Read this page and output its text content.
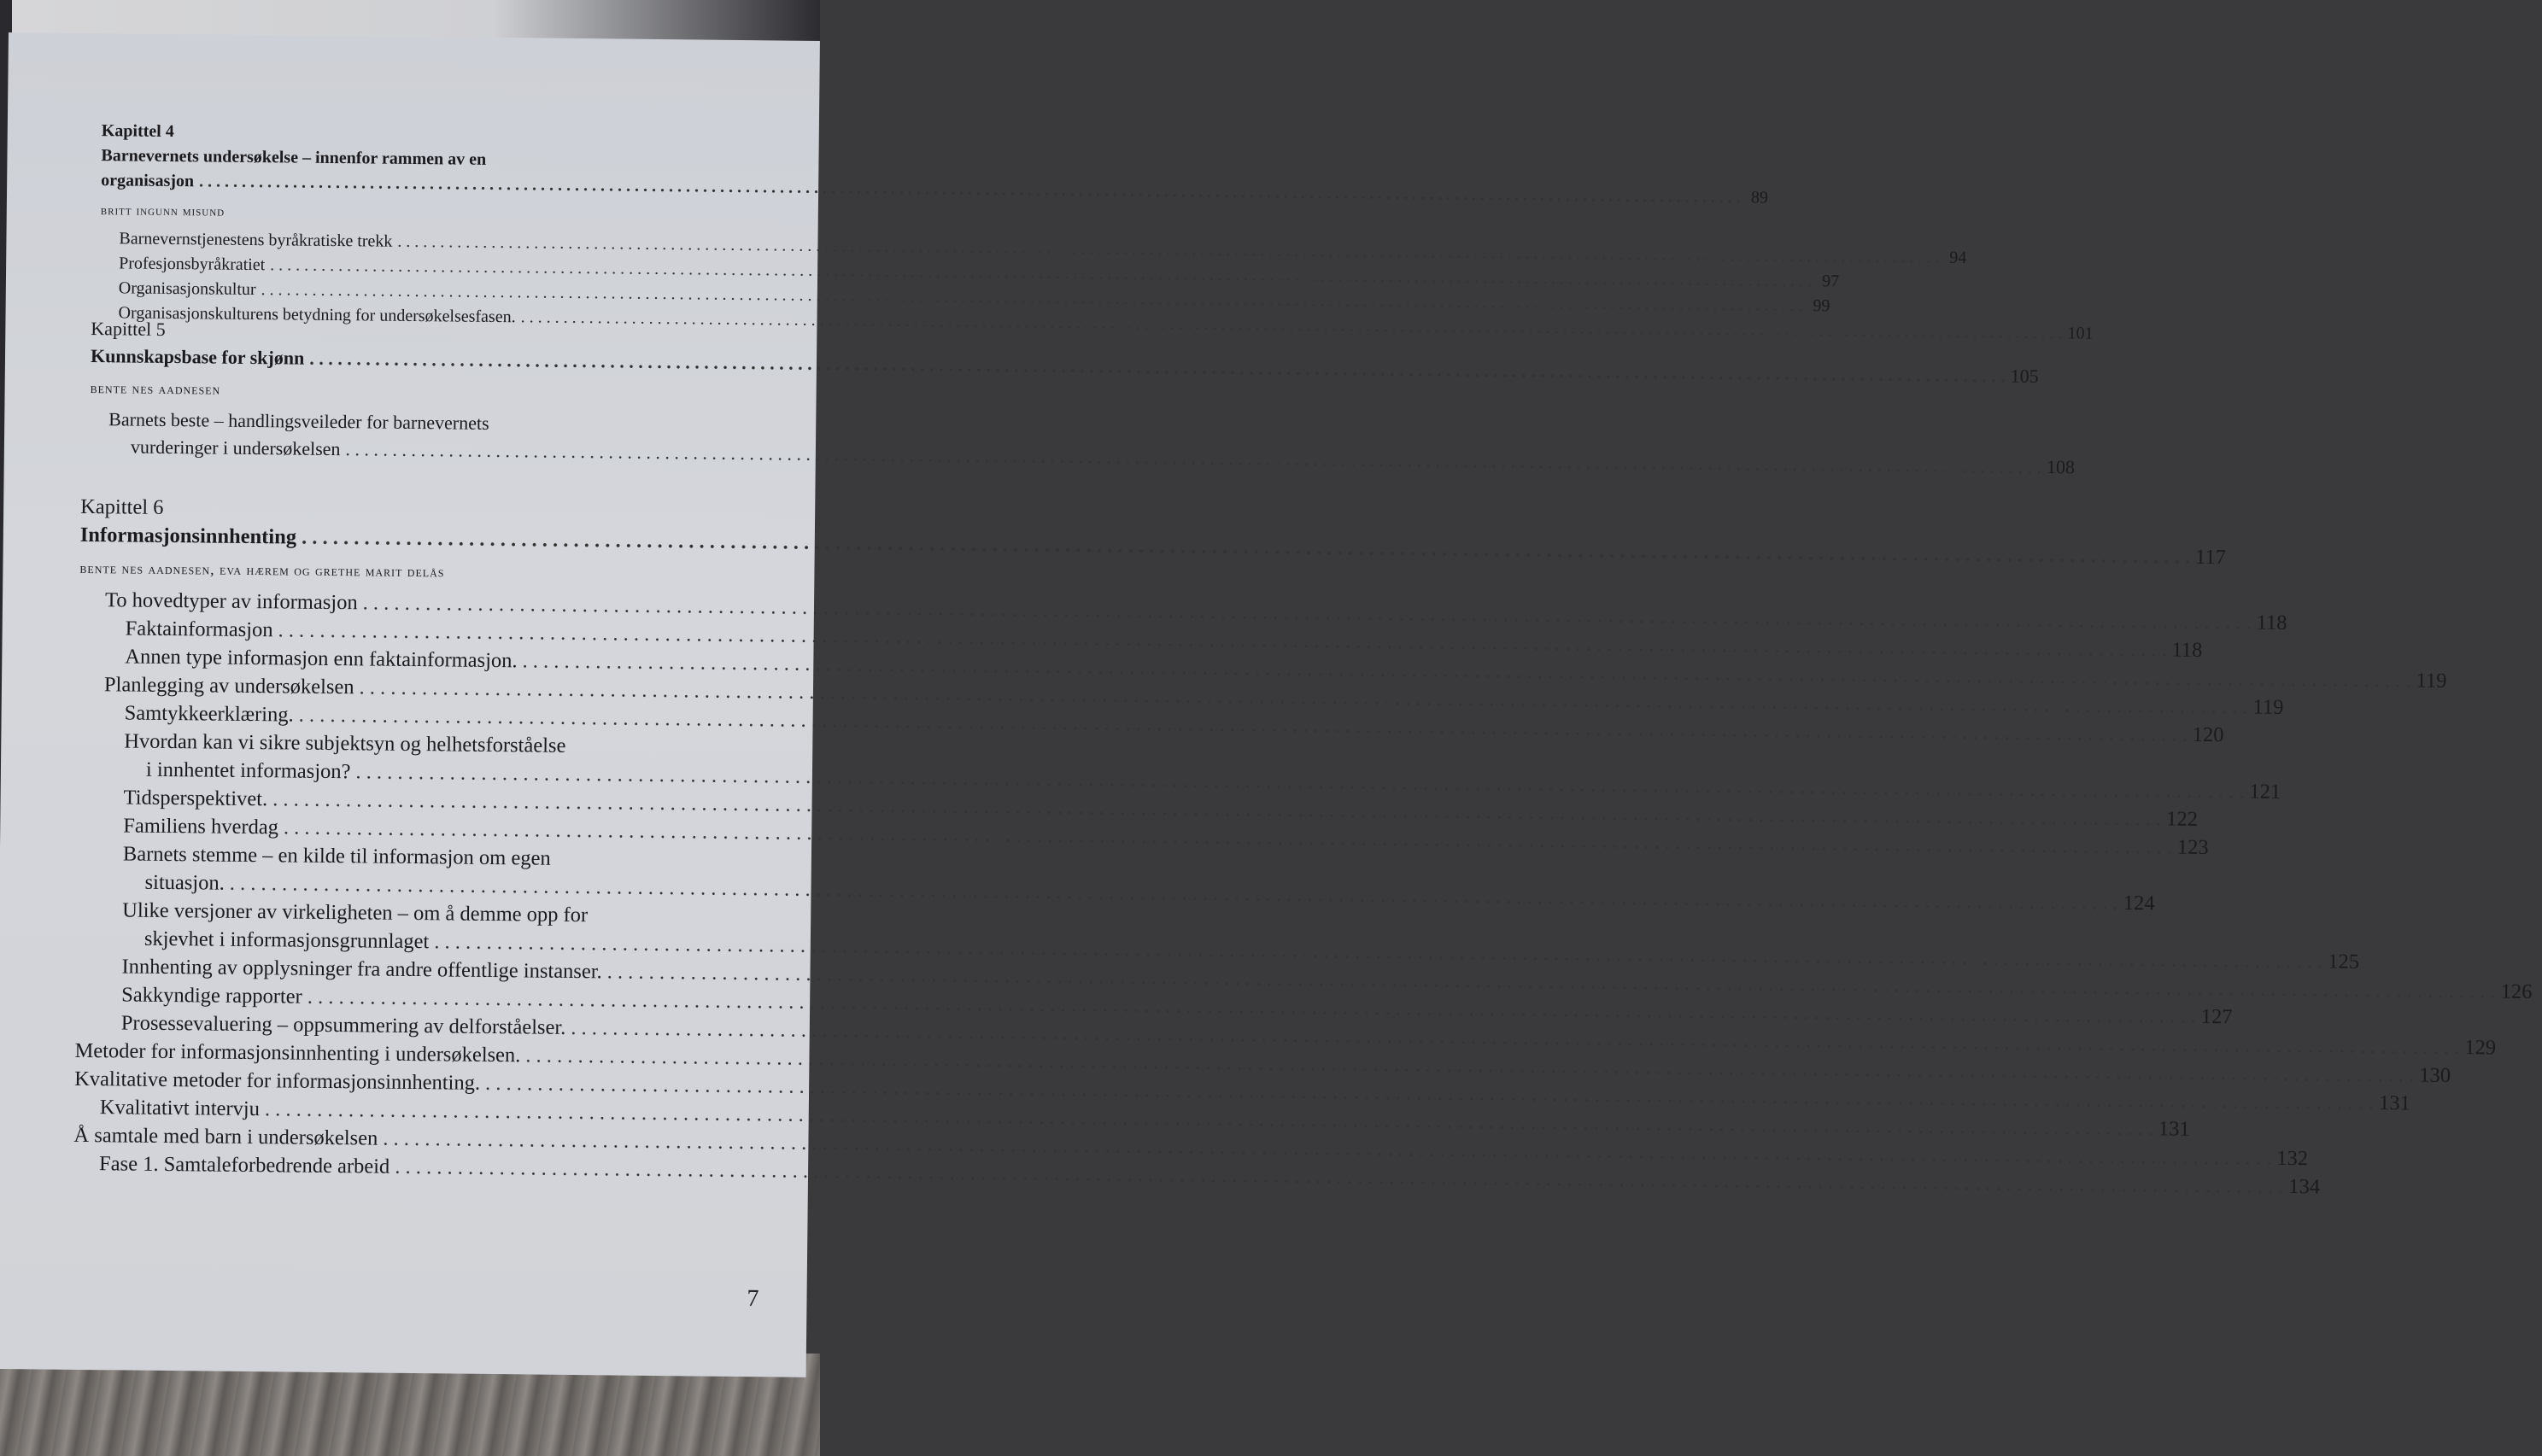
Kapittel 4
Barnevernets undersøkelse – innenfor rammen av en
organisasjon
. . .
89
britt ingunn misund
Barnevernstjenestens byråkratiske trekk
. . .
94
Profesjonsbyråkratiet
. . .
97
Organisasjonskultur
. . .
99
Organisasjonskulturens betydning for undersøkelsesfasen.
. . .
101
Kapittel 5
Kunnskapsbase for skjønn
. . .
105
bente nes aadnesen
Barnets beste – handlingsveileder for barnevernets
vurderinger i undersøkelsen
. . .
108
Kapittel 6
Informasjonsinnhenting
. . .
117
bente nes aadnesen, eva hærem og grethe marit delås
To hovedtyper av informasjon
. . .
118
Faktainformasjon
. . .
118
Annen type informasjon enn faktainformasjon.
. . .
119
Planlegging av undersøkelsen
. . .
119
Samtykkeerklæring.
. . .
120
Hvordan kan vi sikre subjektsyn og helhetsforståelse
i innhentet informasjon?
. . .
121
Tidsperspektivet.
. . .
122
Familiens hverdag
. . .
123
Barnets stemme – en kilde til informasjon om egen
situasjon.
. . .
124
Ulike versjoner av virkeligheten – om å demme opp for
skjevhet i informasjonsgrunnlaget
. . .
125
Innhenting av opplysninger fra andre offentlige instanser.
. . .
126
Sakkyndige rapporter
. . .
127
Prosessevaluering – oppsummering av delforståelser.
. . .
129
Metoder for informasjonsinnhenting i undersøkelsen.
. . .
130
Kvalitative metoder for informasjonsinnhenting.
. . .
131
Kvalitativt intervju
. . .
131
Å samtale med barn i undersøkelsen
. . .
132
Fase 1. Samtaleforbedrende arbeid
. . .
134
7
